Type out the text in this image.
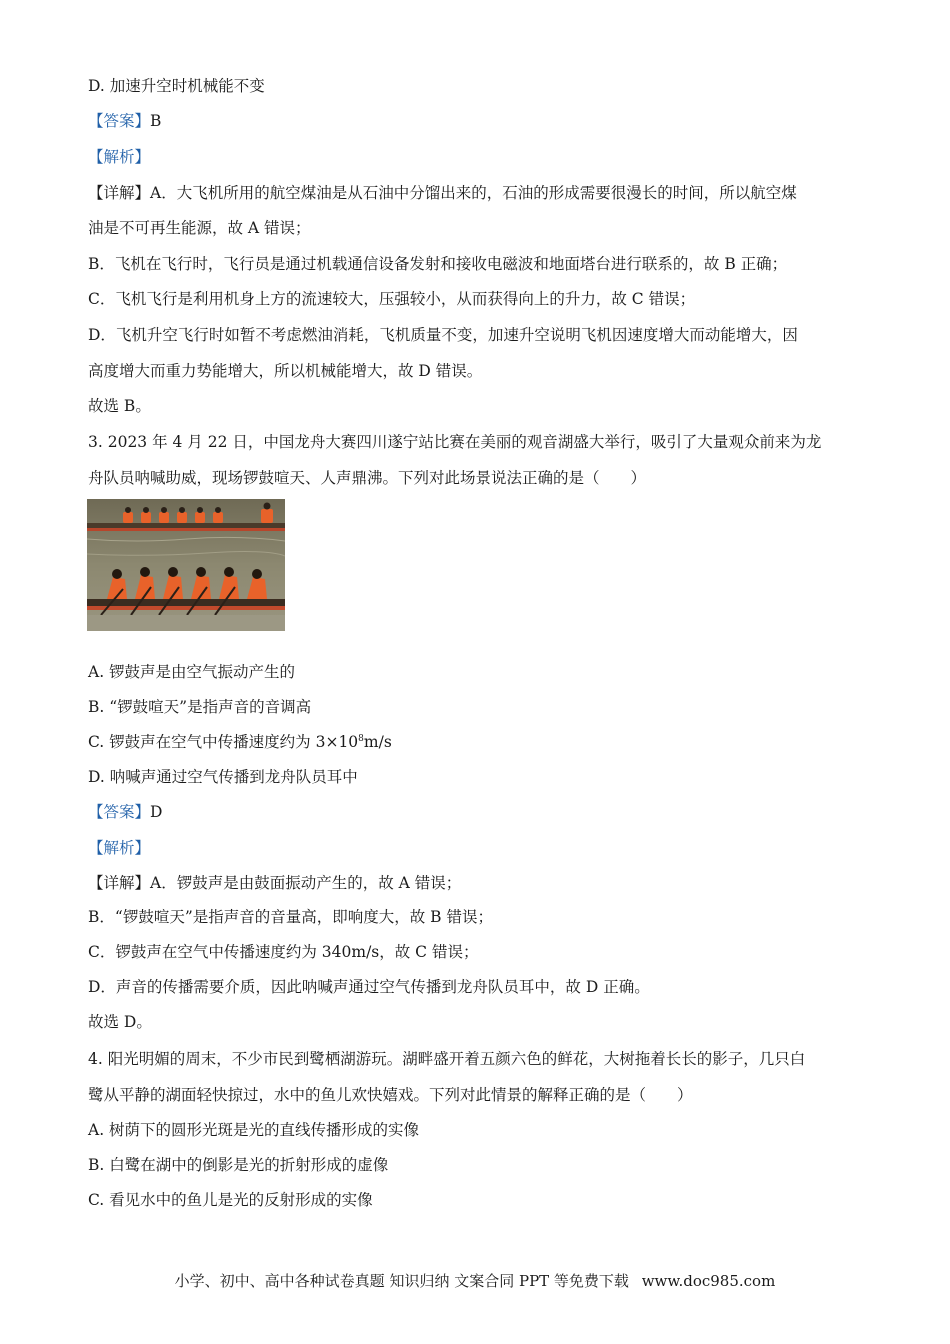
D. 加速升空时机械能不变
【答案】B
【解析】
【详解】A．大飞机所用的航空煤油是从石油中分馏出来的，石油的形成需要很漫长的时间，所以航空煤
油是不可再生能源，故 A 错误；
B．飞机在飞行时，飞行员是通过机载通信设备发射和接收电磁波和地面塔台进行联系的，故 B 正确；
C．飞机飞行是利用机身上方的流速较大，压强较小，从而获得向上的升力，故 C 错误；
D．飞机升空飞行时如暂不考虑燃油消耗，飞机质量不变，加速升空说明飞机因速度增大而动能增大，因
高度增大而重力势能增大，所以机械能增大，故 D 错误。
故选 B。
3. 2023 年 4 月 22 日，中国龙舟大赛四川遂宁站比赛在美丽的观音湖盛大举行，吸引了大量观众前来为龙
舟队员呐喊助威，现场锣鼓喧天、人声鼎沸。下列对此场景说法正确的是（　　）
A. 锣鼓声是由空气振动产生的
B. “锣鼓喧天”是指声音的音调高
C. 锣鼓声在空气中传播速度约为 $3\times 10^8m/s$
D. 呐喊声通过空气传播到龙舟队员耳中
【答案】D
【解析】
【详解】A．锣鼓声是由鼓面振动产生的，故 A 错误；
B．“锣鼓喧天”是指声音的音量高，即响度大，故 B 错误；
C．锣鼓声在空气中传播速度约为 340m/s，故 C 错误；
D．声音的传播需要介质，因此呐喊声通过空气传播到龙舟队员耳中，故 D 正确。
故选 D。
4. 阳光明媚的周末，不少市民到鹭栖湖游玩。湖畔盛开着五颜六色的鲜花，大树拖着长长的影子，几只白
鹭从平静的湖面轻快掠过，水中的鱼儿欢快嬉戏。下列对此情景的解释正确的是（　　）
A. 树荫下的圆形光斑是光的直线传播形成的实像
B. 白鹭在湖中的倒影是光的折射形成的虚像
C. 看见水中的鱼儿是光的反射形成的实像
小学、初中、高中各种试卷真题 知识归纳 文案合同 PPT 等免费下载 www.doc985.com
